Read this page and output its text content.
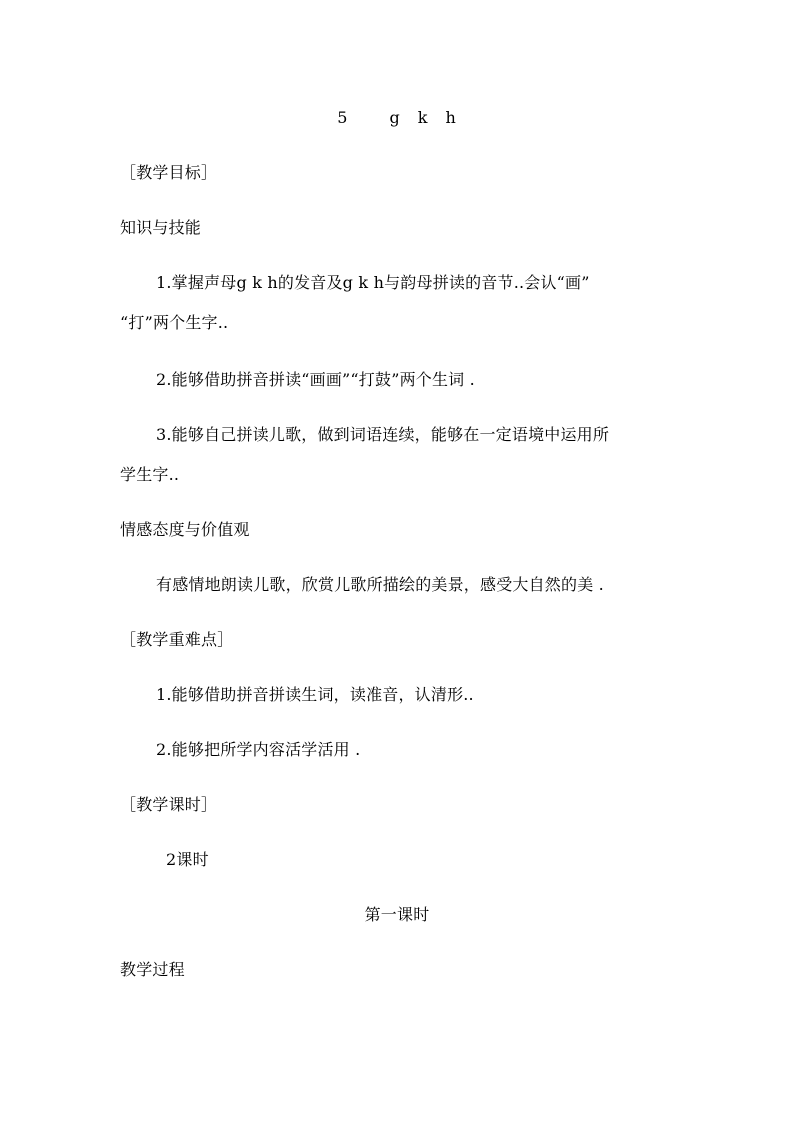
5　 g　k　h
［教学目标］
知识与技能
1.掌握声母g k h的发音及g k h与韵母拼读的音节..会认“画”
“打”两个生字..
2.能够借助拼音拼读“画画”“打鼓”两个生词 .
3.能够自己拼读儿歌，做到词语连续，能够在一定语境中运用所
学生字..
情感态度与价值观
有感情地朗读儿歌，欣赏儿歌所描绘的美景，感受大自然的美 .
［教学重难点］
1.能够借助拼音拼读生词，读准音，认清形..
2.能够把所学内容活学活用 .
［教学课时］
2课时
第一课时
教学过程
